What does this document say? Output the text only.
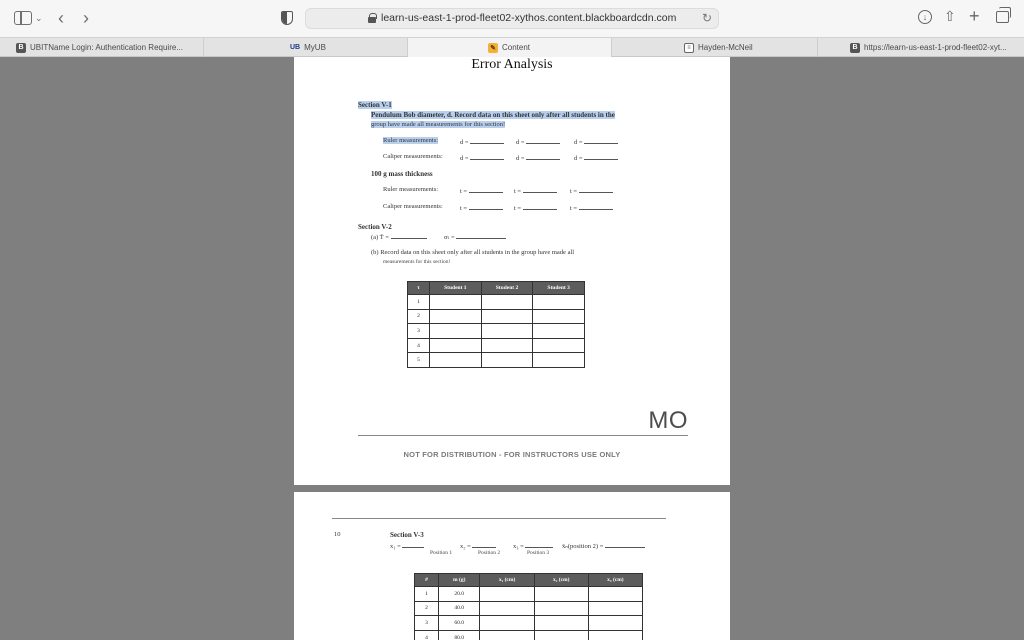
⌄ ‹ ›	learn-us-east-1-prod-fleet02-xythos.content.blackboardcdn.com ↻	↓	⇧ +
B UBITName Login: Authentication Require...	UB MyUB	✎ Content	≡ Hayden-McNeil	B https://learn-us-east-1-prod-fleet02-xyt...
Error Analysis
Section V-1
Pendulum Bob diameter, d. Record data on this sheet only after all students in the
group have made all measurements for this section!
Ruler measurements:	d =	d =	d =
Caliper measurements:	d =	d =	d =
100 g mass thickness
Ruler measurements:	t =	t =	t =
Caliper measurements:	t =	t =	t =
Section V-2
(a) T̄ =	σₜ =
(b) Record data on this sheet only after all students in the group have made all
measurements for this section!
τ	Student 1	Student 2	Student 3
1			
2			
3			
4			
5			
MO
NOT FOR DISTRIBUTION - FOR INSTRUCTORS USE ONLY
10	Section V-3
x₁ =	x₂ =	x₃ =	x̄ₙ(position 2) =
Position 1	Position 2	Position 3
#	m (g)	x₁ (cm)	x₂ (cm)	x₃ (cm)
1	20.0			
2	40.0			
3	60.0			
4	80.0			
